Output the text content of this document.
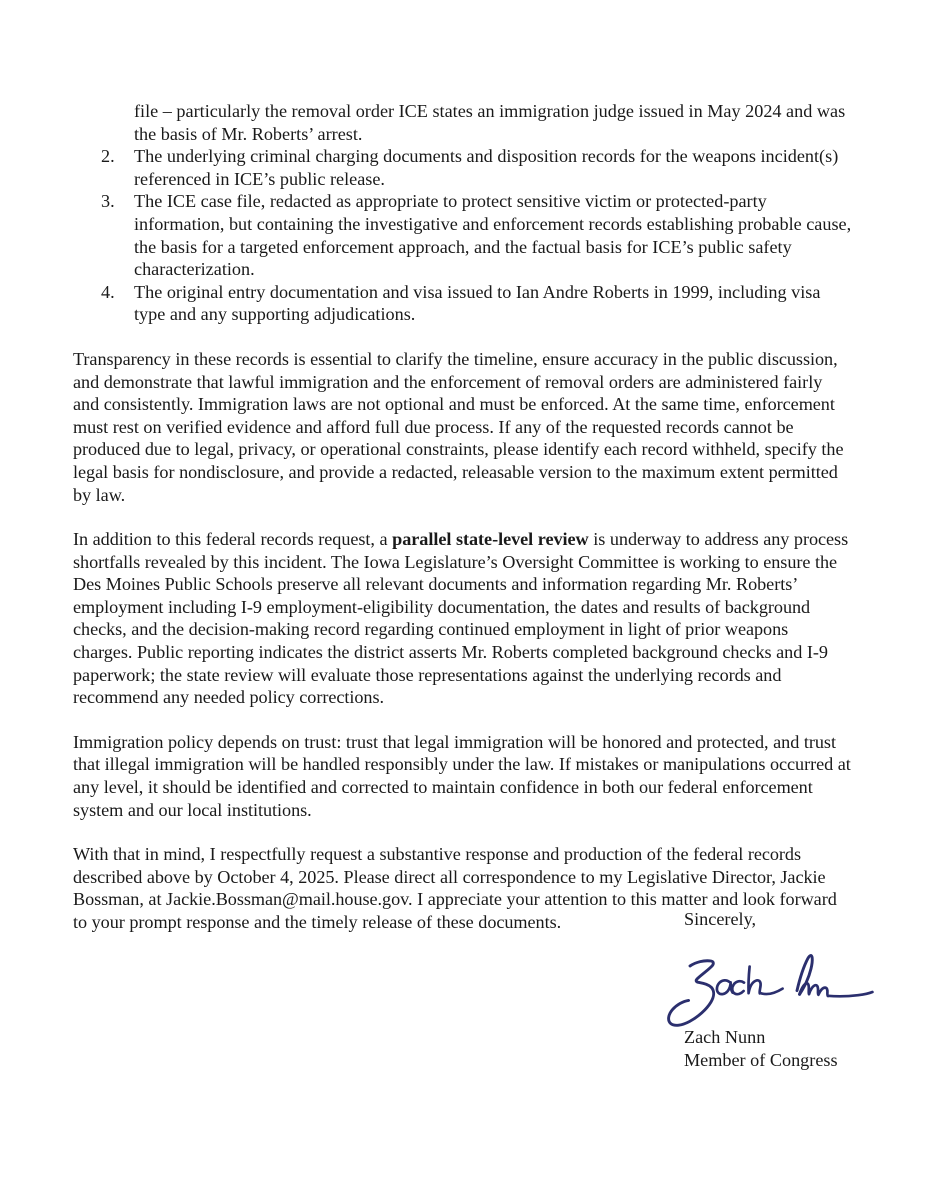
file – particularly the removal order ICE states an immigration judge issued in May 2024 and was the basis of Mr. Roberts’ arrest.
2.	The underlying criminal charging documents and disposition records for the weapons incident(s) referenced in ICE’s public release.
3.	The ICE case file, redacted as appropriate to protect sensitive victim or protected-party information, but containing the investigative and enforcement records establishing probable cause, the basis for a targeted enforcement approach, and the factual basis for ICE’s public safety characterization.
4.	The original entry documentation and visa issued to Ian Andre Roberts in 1999, including visa type and any supporting adjudications.

Transparency in these records is essential to clarify the timeline, ensure accuracy in the public discussion, and demonstrate that lawful immigration and the enforcement of removal orders are administered fairly and consistently. Immigration laws are not optional and must be enforced. At the same time, enforcement must rest on verified evidence and afford full due process. If any of the requested records cannot be produced due to legal, privacy, or operational constraints, please identify each record withheld, specify the legal basis for nondisclosure, and provide a redacted, releasable version to the maximum extent permitted by law.

In addition to this federal records request, a parallel state-level review is underway to address any process shortfalls revealed by this incident. The Iowa Legislature’s Oversight Committee is working to ensure the Des Moines Public Schools preserve all relevant documents and information regarding Mr. Roberts’ employment including I-9 employment-eligibility documentation, the dates and results of background checks, and the decision-making record regarding continued employment in light of prior weapons charges. Public reporting indicates the district asserts Mr. Roberts completed background checks and I-9 paperwork; the state review will evaluate those representations against the underlying records and recommend any needed policy corrections.

Immigration policy depends on trust: trust that legal immigration will be honored and protected, and trust that illegal immigration will be handled responsibly under the law. If mistakes or manipulations occurred at any level, it should be identified and corrected to maintain confidence in both our federal enforcement system and our local institutions.

With that in mind, I respectfully request a substantive response and production of the federal records described above by October 4, 2025. Please direct all correspondence to my Legislative Director, Jackie Bossman, at Jackie.Bossman@mail.house.gov. I appreciate your attention to this matter and look forward to your prompt response and the timely release of these documents.	Sincerely,

Zach Nunn

Member of Congress
